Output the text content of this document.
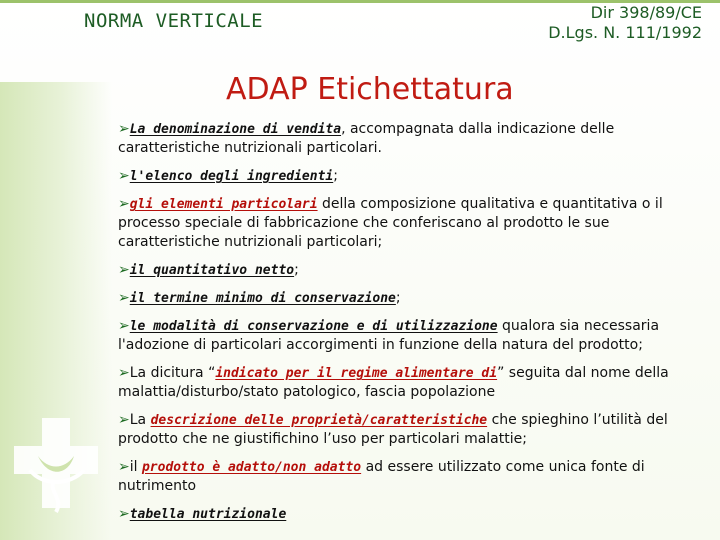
NORMA VERTICALE	Dir 398/89/CE
D.Lgs. N. 111/1992
ADAP Etichettatura
➢La denominazione di vendita, accompagnata dalla indicazione delle caratteristiche nutrizionali particolari.
➢l'elenco degli ingredienti;
➢gli elementi particolari della composizione qualitativa e quantitativa o il processo speciale di fabbricazione che conferiscano al prodotto le sue caratteristiche nutrizionali particolari;
➢il quantitativo netto;
➢il termine minimo di conservazione;
➢le modalità di conservazione e di utilizzazione qualora sia necessaria l'adozione di particolari accorgimenti in funzione della natura del prodotto;
➢La dicitura “indicato per il regime alimentare di” seguita dal nome della malattia/disturbo/stato patologico, fascia popolazione
➢La descrizione delle proprietà/caratteristiche che spieghino l’utilità del prodotto che ne giustifichino l’uso per particolari malattie;
➢il prodotto è adatto/non adatto ad essere utilizzato come unica fonte di nutrimento
➢tabella nutrizionale
